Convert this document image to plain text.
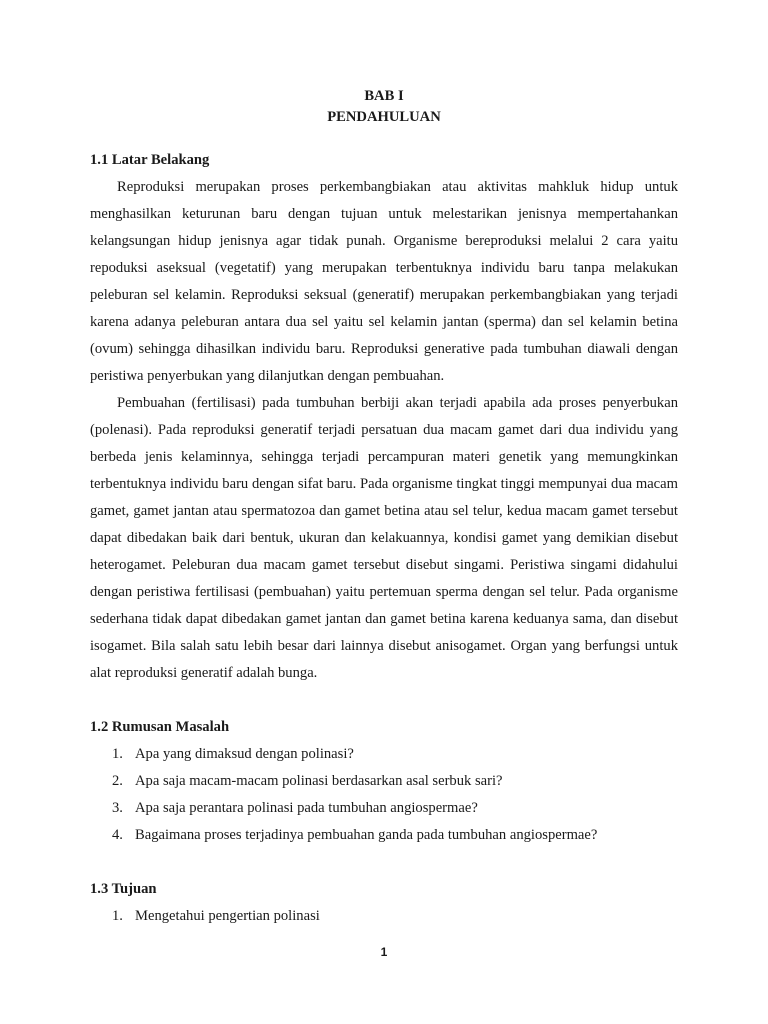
BAB I
PENDAHULUAN
1.1 Latar Belakang

Reproduksi merupakan proses perkembangbiakan atau aktivitas mahkluk hidup untuk menghasilkan keturunan baru dengan tujuan untuk melestarikan jenisnya mempertahankan kelangsungan hidup jenisnya agar tidak punah. Organisme bereproduksi melalui 2 cara yaitu repoduksi aseksual (vegetatif) yang merupakan terbentuknya individu baru tanpa melakukan peleburan sel kelamin. Reproduksi seksual (generatif) merupakan perkembangbiakan yang terjadi karena adanya peleburan antara dua sel yaitu sel kelamin jantan (sperma) dan sel kelamin betina (ovum) sehingga dihasilkan individu baru. Reproduksi generative pada tumbuhan diawali dengan peristiwa penyerbukan yang dilanjutkan dengan pembuahan.

Pembuahan (fertilisasi) pada tumbuhan berbiji akan terjadi apabila ada proses penyerbukan (polenasi). Pada reproduksi generatif terjadi persatuan dua macam gamet dari dua individu yang berbeda jenis kelaminnya, sehingga terjadi percampuran materi genetik yang memungkinkan terbentuknya individu baru dengan sifat baru. Pada organisme tingkat tinggi mempunyai dua macam gamet, gamet jantan atau spermatozoa dan gamet betina atau sel telur, kedua macam gamet tersebut dapat dibedakan baik dari bentuk, ukuran dan kelakuannya, kondisi gamet yang demikian disebut heterogamet. Peleburan dua macam gamet tersebut disebut singami. Peristiwa singami didahului dengan peristiwa fertilisasi (pembuahan) yaitu pertemuan sperma dengan sel telur. Pada organisme sederhana tidak dapat dibedakan gamet jantan dan gamet betina karena keduanya sama, dan disebut isogamet. Bila salah satu lebih besar dari lainnya disebut anisogamet. Organ yang berfungsi untuk alat reproduksi generatif adalah bunga.

1.2 Rumusan Masalah
1. Apa yang dimaksud dengan polinasi?
2. Apa saja macam-macam polinasi berdasarkan asal serbuk sari?
3. Apa saja perantara polinasi pada tumbuhan angiospermae?
4. Bagaimana proses terjadinya pembuahan ganda pada tumbuhan angiospermae?
1.3 Tujuan
1. Mengetahui pengertian polinasi
1
